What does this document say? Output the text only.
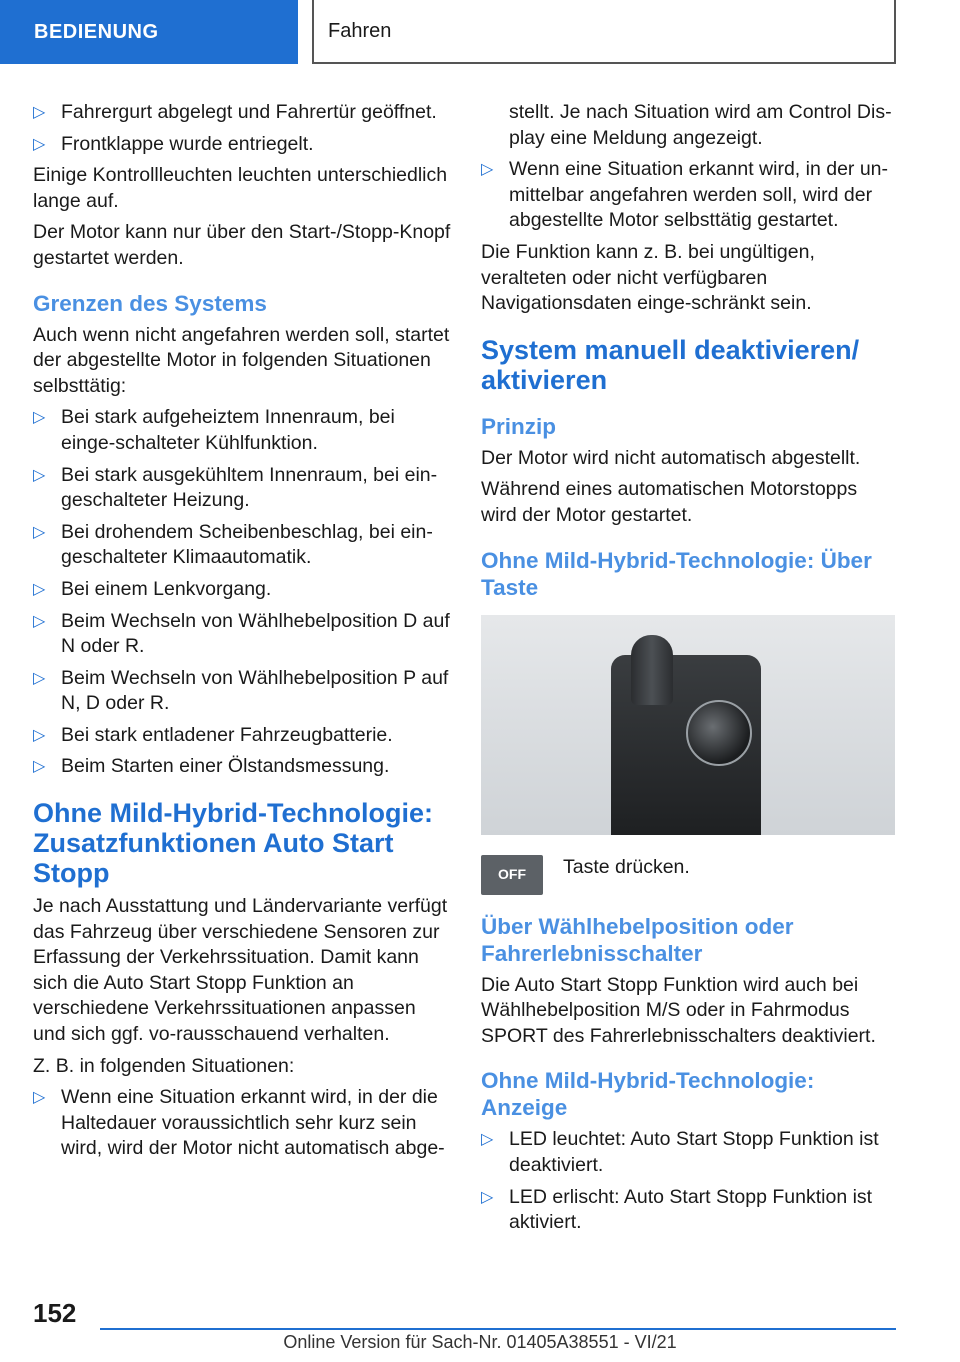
BEDIENUNG	Fahren
▷ Fahrergurt abgelegt und Fahrertür geöffnet.
▷ Frontklappe wurde entriegelt.

Einige Kontrollleuchten leuchten unterschiedlich lange auf.

Der Motor kann nur über den Start-/Stopp-Knopf gestartet werden.

Grenzen des Systems

Auch wenn nicht angefahren werden soll, startet der abgestellte Motor in folgenden Situationen selbsttätig:

▷ Bei stark aufgeheiztem Innenraum, bei einge-schalteter Kühlfunktion.
▷ Bei stark ausgekühltem Innenraum, bei ein-geschalteter Heizung.
▷ Bei drohendem Scheibenbeschlag, bei ein-geschalteter Klimaautomatik.
▷ Bei einem Lenkvorgang.
▷ Beim Wechseln von Wählhebelposition D auf N oder R.
▷ Beim Wechseln von Wählhebelposition P auf N, D oder R.
▷ Bei stark entladener Fahrzeugbatterie.
▷ Beim Starten einer Ölstandsmessung.
Ohne Mild-Hybrid-Technologie: Zusatzfunktionen Auto Start Stopp

Je nach Ausstattung und Ländervariante verfügt das Fahrzeug über verschiedene Sensoren zur Erfassung der Verkehrssituation. Damit kann sich die Auto Start Stopp Funktion an verschiedene Verkehrssituationen anpassen und sich ggf. vo-rausschauend verhalten.

Z. B. in folgenden Situationen:

▷ Wenn eine Situation erkannt wird, in der die Haltedauer voraussichtlich sehr kurz sein wird, wird der Motor nicht automatisch abge-

stellt. Je nach Situation wird am Control Dis-play eine Meldung angezeigt.

▷ Wenn eine Situation erkannt wird, in der un-mittelbar angefahren werden soll, wird der abgestellte Motor selbsttätig gestartet.

Die Funktion kann z. B. bei ungültigen, veralteten oder nicht verfügbaren Navigationsdaten einge-schränkt sein.

System manuell deaktivieren/ aktivieren
Prinzip

Der Motor wird nicht automatisch abgestellt.

Während eines automatischen Motorstopps wird der Motor gestartet.

Ohne Mild-Hybrid-Technologie: Über Taste
OFF Taste drücken.
Über Wählhebelposition oder Fahrerlebnisschalter

Die Auto Start Stopp Funktion wird auch bei Wählhebelposition M/S oder in Fahrmodus SPORT des Fahrerlebnisschalters deaktiviert.

Ohne Mild-Hybrid-Technologie: Anzeige
▷ LED leuchtet: Auto Start Stopp Funktion ist deaktiviert.
▷ LED erlischt: Auto Start Stopp Funktion ist aktiviert.
152
Online Version für Sach-Nr. 01405A38551 - VI/21
